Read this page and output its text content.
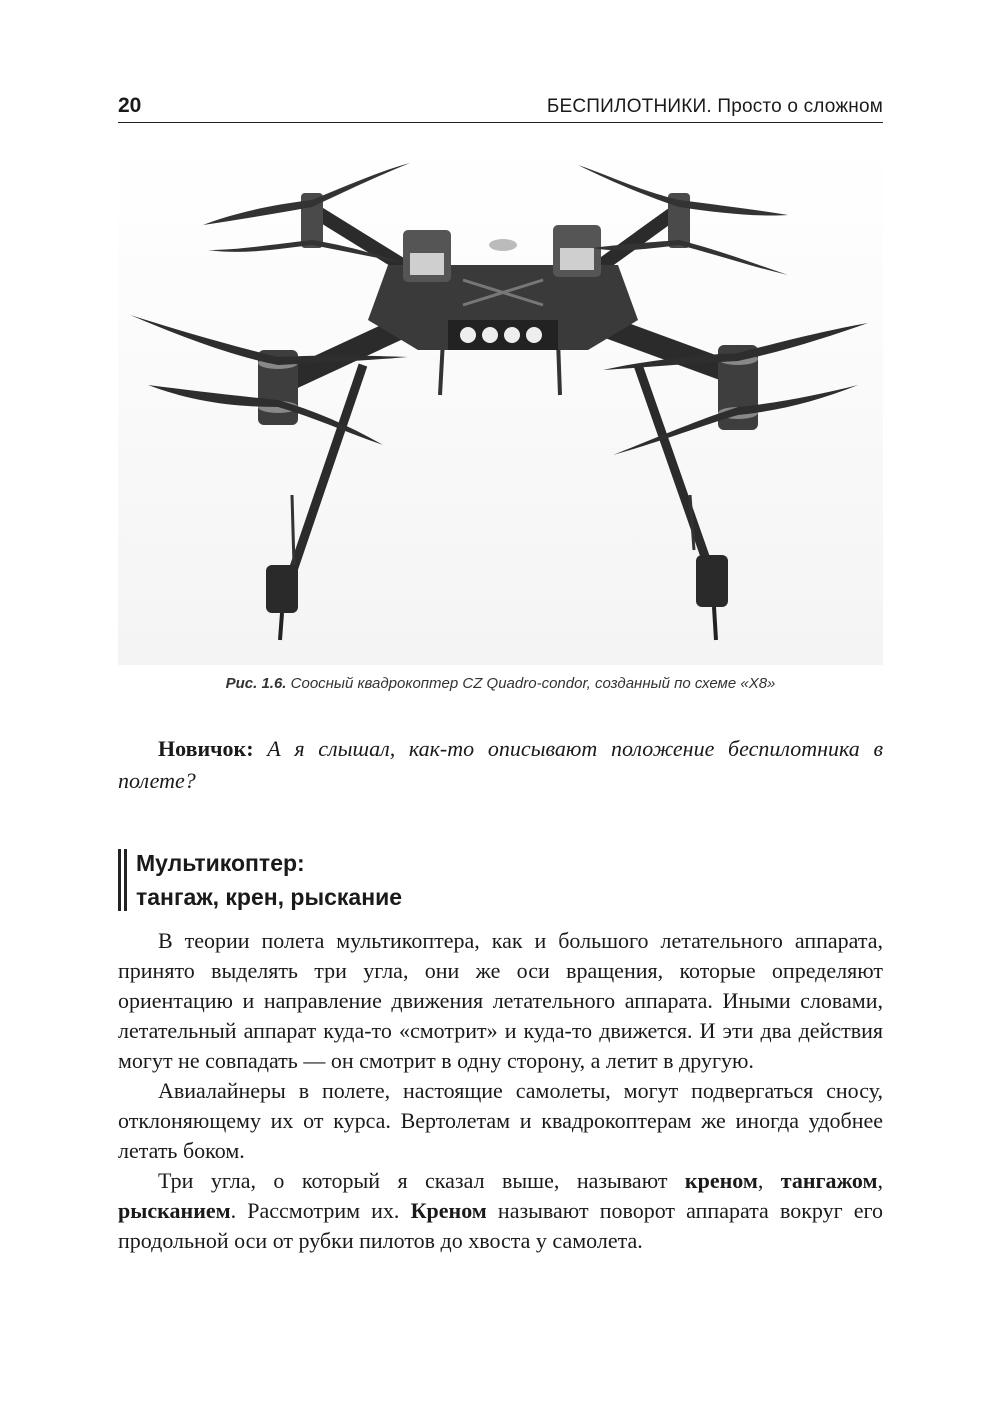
20	БЕСПИЛОТНИКИ. Просто о сложном
Рис. 1.6. Соосный квадрокоптер CZ Quadro-condor, созданный по схеме «X8»

Новичок: А я слышал, как-то описывают положение беспилотника в полете?

Мультикоптер:
тангаж, крен, рыскание

В теории полета мультикоптера, как и большого летательного аппарата, принято выделять три угла, они же оси вращения, которые определяют ориентацию и направление движения летательного аппарата. Иными словами, летательный аппарат куда-то «смотрит» и куда-то движется. И эти два действия могут не совпадать — он смотрит в одну сторону, а летит в другую.

Авиалайнеры в полете, настоящие самолеты, могут подвергаться сносу, отклоняющему их от курса. Вертолетам и квадрокоптерам же иногда удобнее летать боком.

Три угла, о который я сказал выше, называют креном, тангажом, рысканием. Рассмотрим их. Креном называют поворот аппарата вокруг его продольной оси от рубки пилотов до хвоста у самолета.
